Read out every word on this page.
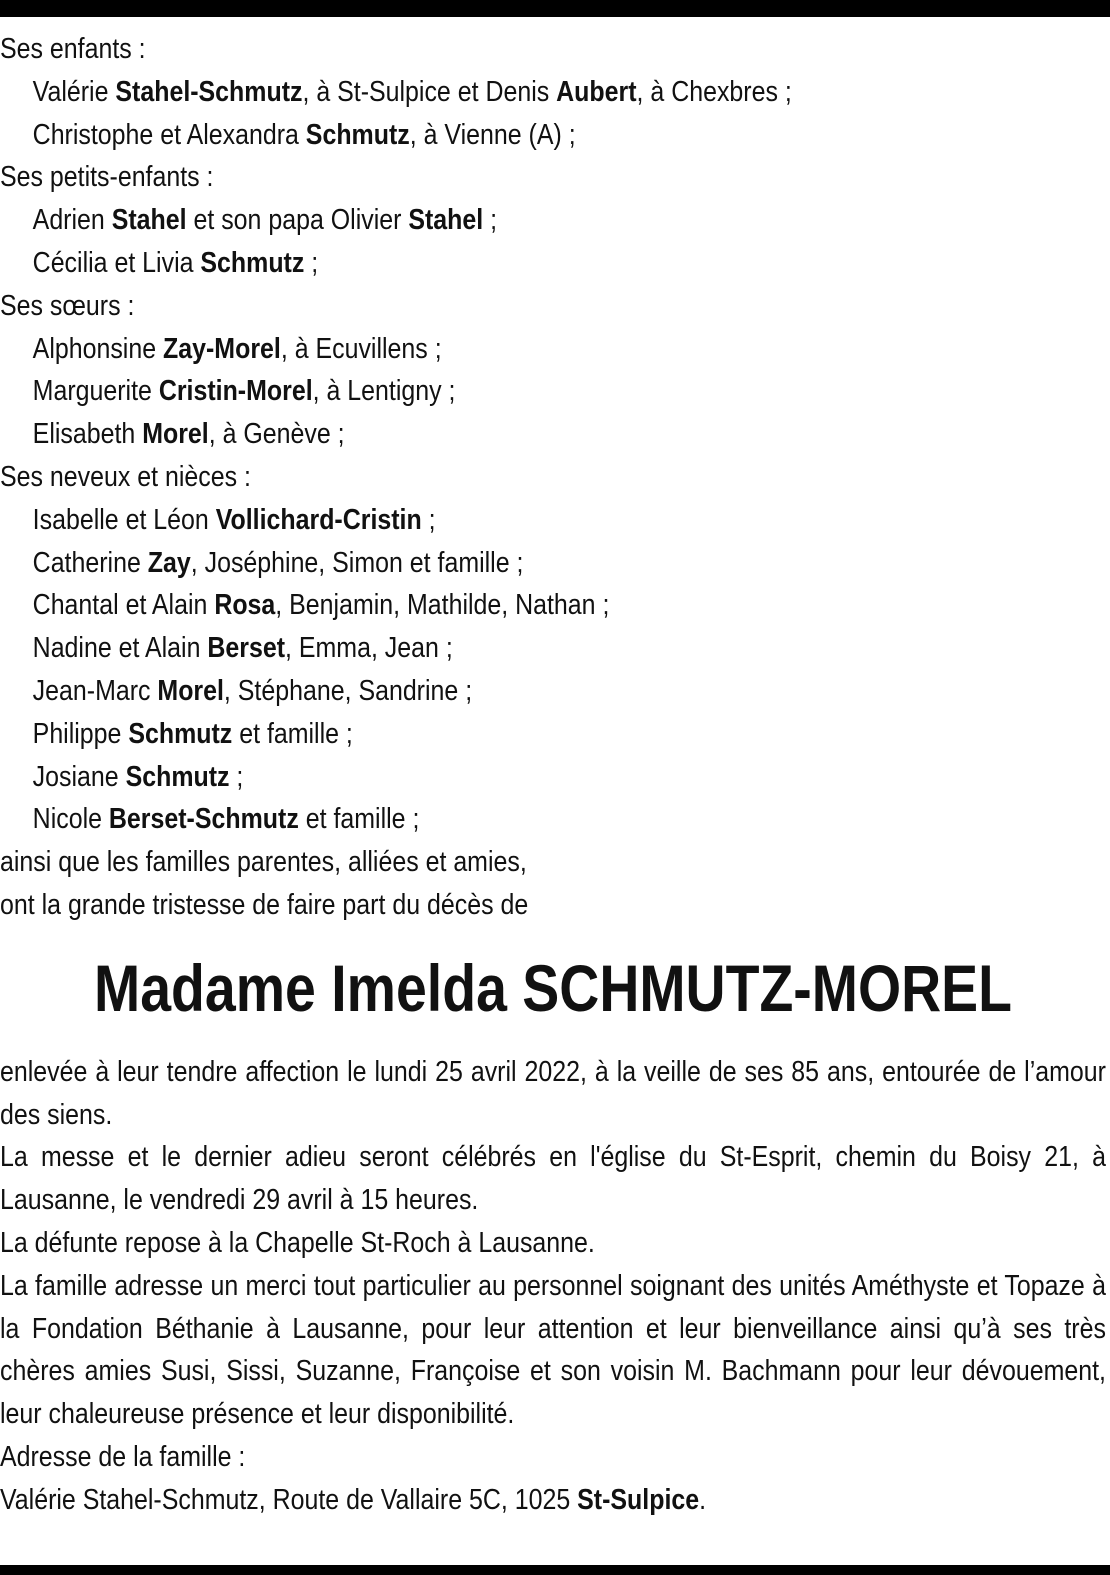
Ses enfants :
Valérie Stahel-Schmutz, à St-Sulpice et Denis Aubert, à Chexbres ;
Christophe et Alexandra Schmutz, à Vienne (A) ;
Ses petits-enfants :
Adrien Stahel et son papa Olivier Stahel ;
Cécilia et Livia Schmutz ;
Ses sœurs :
Alphonsine Zay-Morel, à Ecuvillens ;
Marguerite Cristin-Morel, à Lentigny ;
Elisabeth Morel, à Genève ;
Ses neveux et nièces :
Isabelle et Léon Vollichard-Cristin ;
Catherine Zay, Joséphine, Simon et famille ;
Chantal et Alain Rosa, Benjamin, Mathilde, Nathan ;
Nadine et Alain Berset, Emma, Jean ;
Jean-Marc Morel, Stéphane, Sandrine ;
Philippe Schmutz et famille ;
Josiane Schmutz ;
Nicole Berset-Schmutz et famille ;
ainsi que les familles parentes, alliées et amies,
ont la grande tristesse de faire part du décès de
Madame Imelda SCHMUTZ-MOREL
enlevée à leur tendre affection le lundi 25 avril 2022, à la veille de ses 85 ans, entourée de l’amour des siens.
La messe et le dernier adieu seront célébrés en l'église du St-Esprit, chemin du Boisy 21, à Lausanne, le vendredi 29 avril à 15 heures.
La défunte repose à la Chapelle St-Roch à Lausanne.
La famille adresse un merci tout particulier au personnel soignant des unités Améthyste et Topaze à la Fondation Béthanie à Lausanne, pour leur attention et leur bienveillance ainsi qu’à ses très chères amies Susi, Sissi, Suzanne, Françoise et son voisin M. Bachmann pour leur dévouement, leur chaleureuse présence et leur disponibilité.
Adresse de la famille :
Valérie Stahel-Schmutz, Route de Vallaire 5C, 1025 St-Sulpice.
